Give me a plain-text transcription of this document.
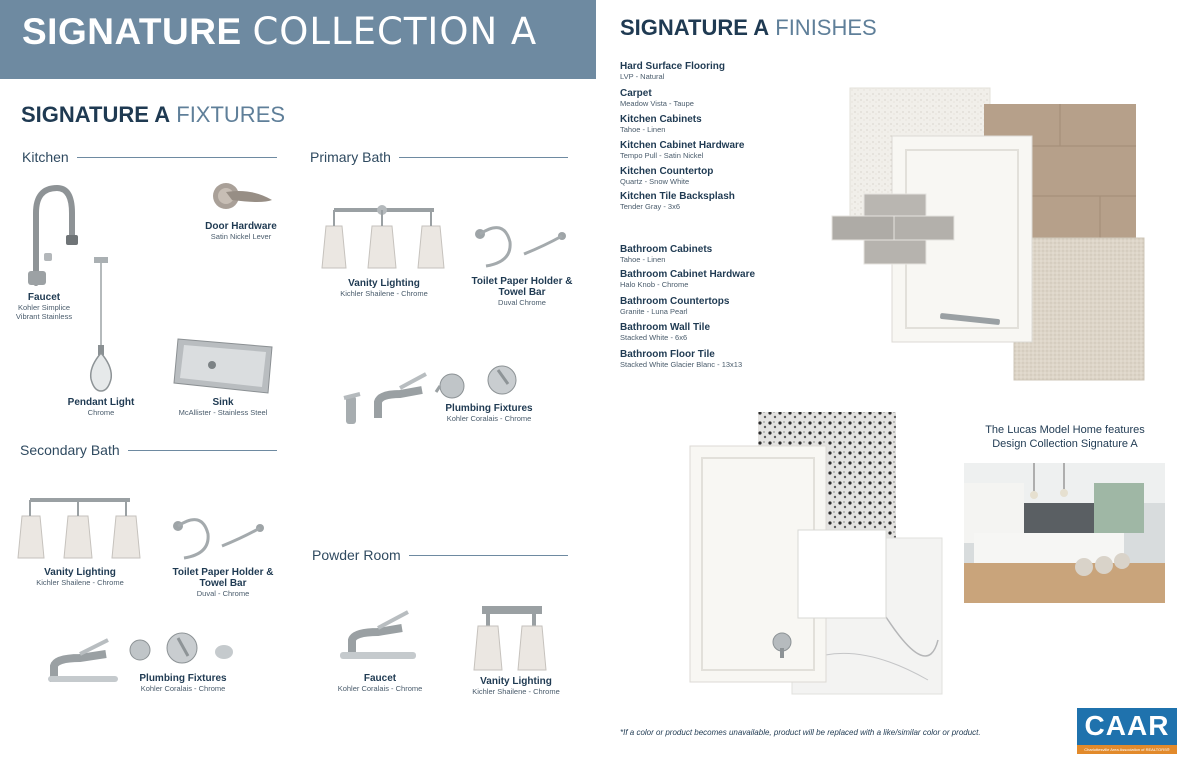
SIGNATURE COLLECTION A
SIGNATURE A FIXTURES
SIGNATURE A FINISHES
Kitchen	Primary Bath
Secondary Bath
Powder Room
Faucet
Kohler Simplice
Vibrant Stainless
Door Hardware
Satin Nickel Lever
Pendant Light
Chrome
Sink
McAllister - Stainless Steel
Vanity Lighting
Kichler Shailene - Chrome
Toilet Paper Holder &
Towel Bar
Duval Chrome
Plumbing Fixtures
Kohler Coralais - Chrome
Vanity Lighting
Kichler Shailene - Chrome
Toilet Paper Holder &
Towel Bar
Duval - Chrome
Plumbing Fixtures
Kohler Coralais - Chrome
Faucet
Kohler Coralais - Chrome
Vanity Lighting
Kichler Shailene - Chrome
Hard Surface Flooring
LVP - Natural
Carpet
Meadow Vista - Taupe
Kitchen Cabinets
Tahoe - Linen
Kitchen Cabinet Hardware
Tempo Pull - Satin Nickel
Kitchen Countertop
Quartz - Snow White
Kitchen Tile Backsplash
Tender Gray - 3x6
Bathroom Cabinets
Tahoe - Linen
Bathroom Cabinet Hardware
Halo Knob - Chrome
Bathroom Countertops
Granite - Luna Pearl
Bathroom Wall Tile
Stacked White - 6x6
Bathroom Floor Tile
Stacked White Glacier Blanc - 13x13
The Lucas Model Home features
Design Collection Signature A
*If a color or product becomes unavailable, product will be replaced with a like/similar color or product.	CAAR
Charlottesville Area Association of REALTORS®
